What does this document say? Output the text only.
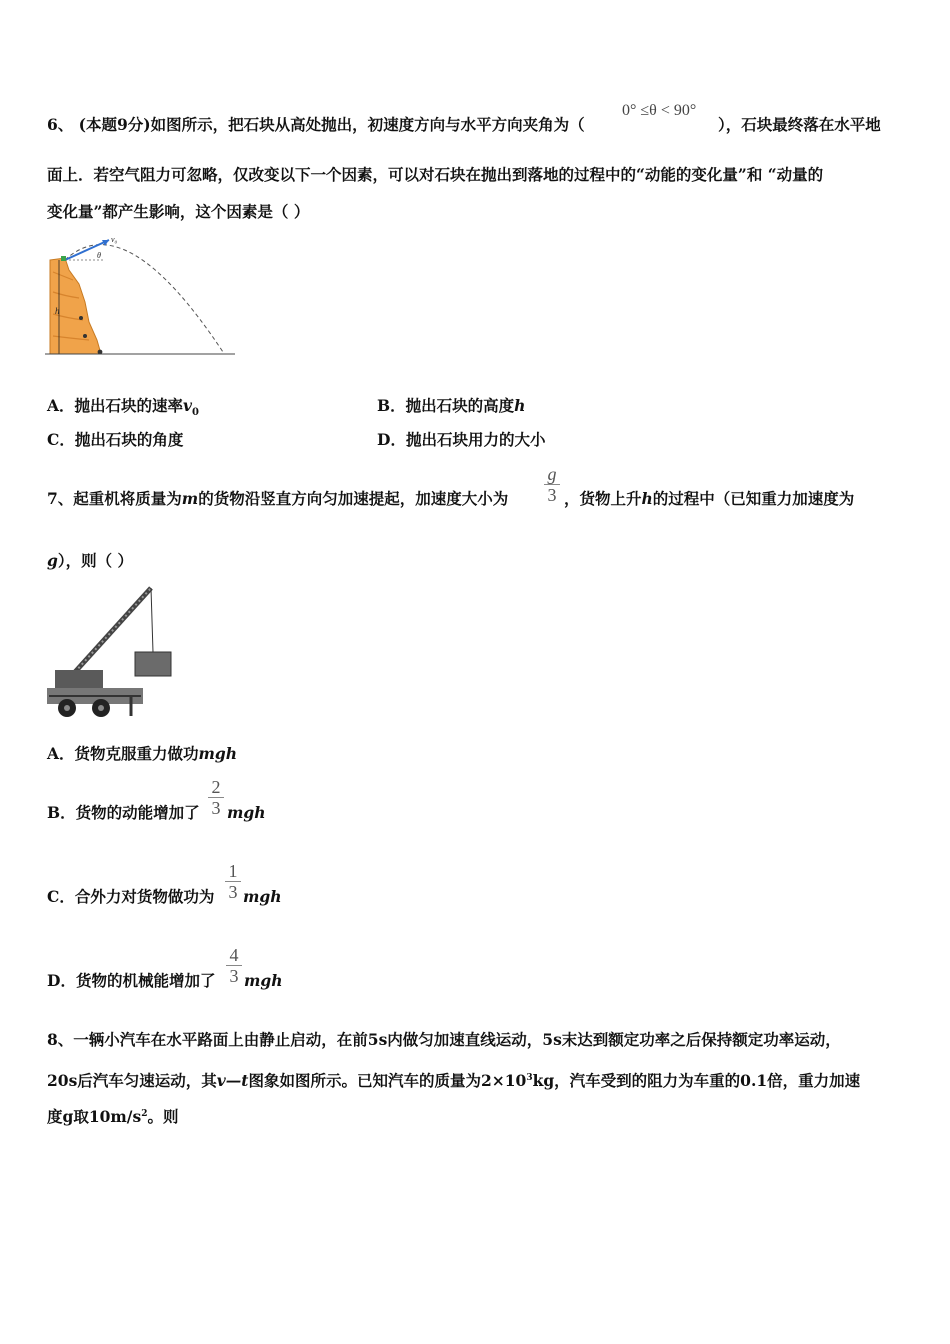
6、 (本题9分)如图所示，把石块从高处抛出，初速度方向与水平方向夹角为（
0° ≤θ < 90°
），石块最终落在水平地
面上．若空气阻力可忽略，仅改变以下一个因素，可以对石块在抛出到落地的过程中的“动能的变化量”和 “动量的
变化量”都产生影响，这个因素是（ ）
h
v₀
θ
A．抛出石块的速率$v_0$	B．抛出石块的高度h
C．抛出石块的角度	D．抛出石块用力的大小
7、起重机将质量为m的货物沿竖直方向匀加速提起，加速度大小为
g
3 ，货物上升h的过程中（已知重力加速度为
g），则（ ）
A．货物克服重力做功mgh
B．货物的动能增加了
2
3 mgh
C．合外力对货物做功为
1
3 mgh
D．货物的机械能增加了
4
3 mgh
8、一辆小汽车在水平路面上由静止启动，在前5s内做匀加速直线运动，5s末达到额定功率之后保持额定功率运动，
20s后汽车匀速运动，其v—t图象如图所示。已知汽车的质量为$2\times 10^3kg$，汽车受到的阻力为车重的0.1倍，重力加速
度g取$10m/s^2$。则
